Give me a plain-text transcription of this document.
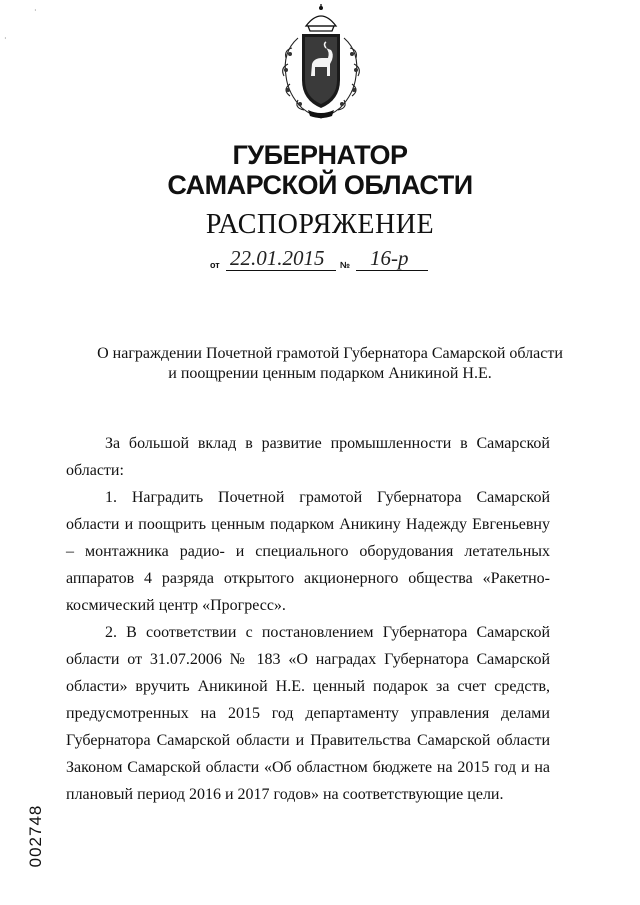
·
·
ГУБЕРНАТОР
САМАРСКОЙ ОБЛАСТИ
РАСПОРЯЖЕНИЕ
от 22.01.2015 № 16-р
О награждении Почетной грамотой Губернатора Самарской области
и поощрении ценным подарком Аникиной Н.Е.

За большой вклад в развитие промышленности в Самарской области:

1. Наградить Почетной грамотой Губернатора Самарской области и поощрить ценным подарком Аникину Надежду Евгеньевну – монтажника радио- и специального оборудования летательных аппаратов 4 разряда открытого акционерного общества «Ракетно-космический центр «Прогресс».

2. В соответствии с постановлением Губернатора Самарской области от 31.07.2006 № 183 «О наградах Губернатора Самарской области» вручить Аникиной Н.Е. ценный подарок за счет средств, предусмотренных на 2015 год департаменту управления делами Губернатора Самарской области и Правительства Самарской области Законом Самарской области «Об областном бюджете на 2015 год и на плановый период 2016 и 2017 годов» на соответствующие цели.

002748
